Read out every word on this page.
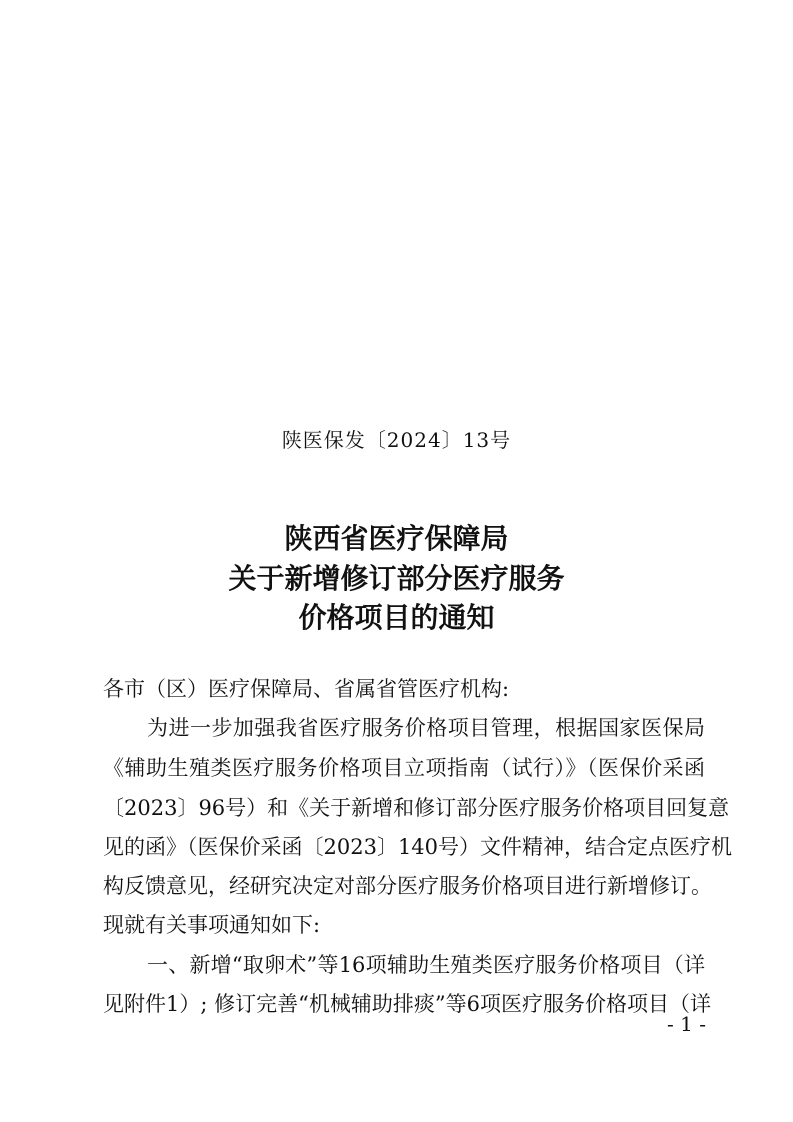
陕医保发〔2024〕13号
陕西省医疗保障局
关于新增修订部分医疗服务
价格项目的通知
各市（区）医疗保障局、省属省管医疗机构:
为进一步加强我省医疗服务价格项目管理，根据国家医保局
《辅助生殖类医疗服务价格项目立项指南（试行）》（医保价采函
〔2023〕96号）和《关于新增和修订部分医疗服务价格项目回复意
见的函》（医保价采函〔2023〕140号）文件精神，结合定点医疗机
构反馈意见，经研究决定对部分医疗服务价格项目进行新增修订。
现就有关事项通知如下:
一、新增“取卵术”等16项辅助生殖类医疗服务价格项目（详
见附件1）; 修订完善“机械辅助排痰”等6项医疗服务价格项目（详
- 1 -
